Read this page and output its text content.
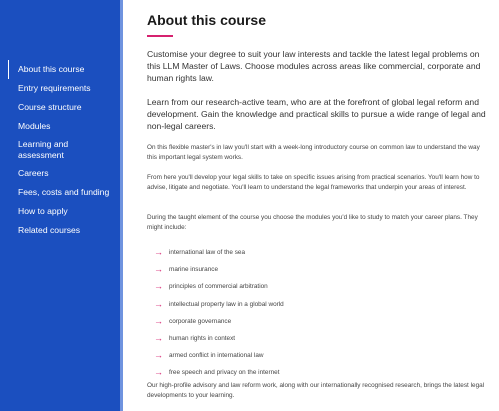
About this course
Entry requirements
Course structure
Modules
Learning and assessment
Careers
Fees, costs and funding
How to apply
Related courses
About this course

Customise your degree to suit your law interests and tackle the latest legal problems on this LLM Master of Laws. Choose modules across areas like commercial, corporate and human rights law.

Learn from our research-active team, who are at the forefront of global legal reform and development. Gain the knowledge and practical skills to pursue a wide range of legal and non-legal careers.

On this flexible master's in law you'll start with a week-long introductory course on common law to understand the way this important legal system works.

From here you'll develop your legal skills to take on specific issues arising from practical scenarios. You'll learn how to advise, litigate and negotiate. You'll learn to understand the legal frameworks that underpin your areas of interest.

During the taught element of the course you choose the modules you'd like to study to match your career plans. They might include:

→ international law of the sea
→ marine insurance
→ principles of commercial arbitration
→ intellectual property law in a global world
→ corporate governance
→ human rights in context
→ armed conflict in international law
→ free speech and privacy on the internet

Our high-profile advisory and law reform work, along with our internationally recognised research, brings the latest legal developments to your learning.
